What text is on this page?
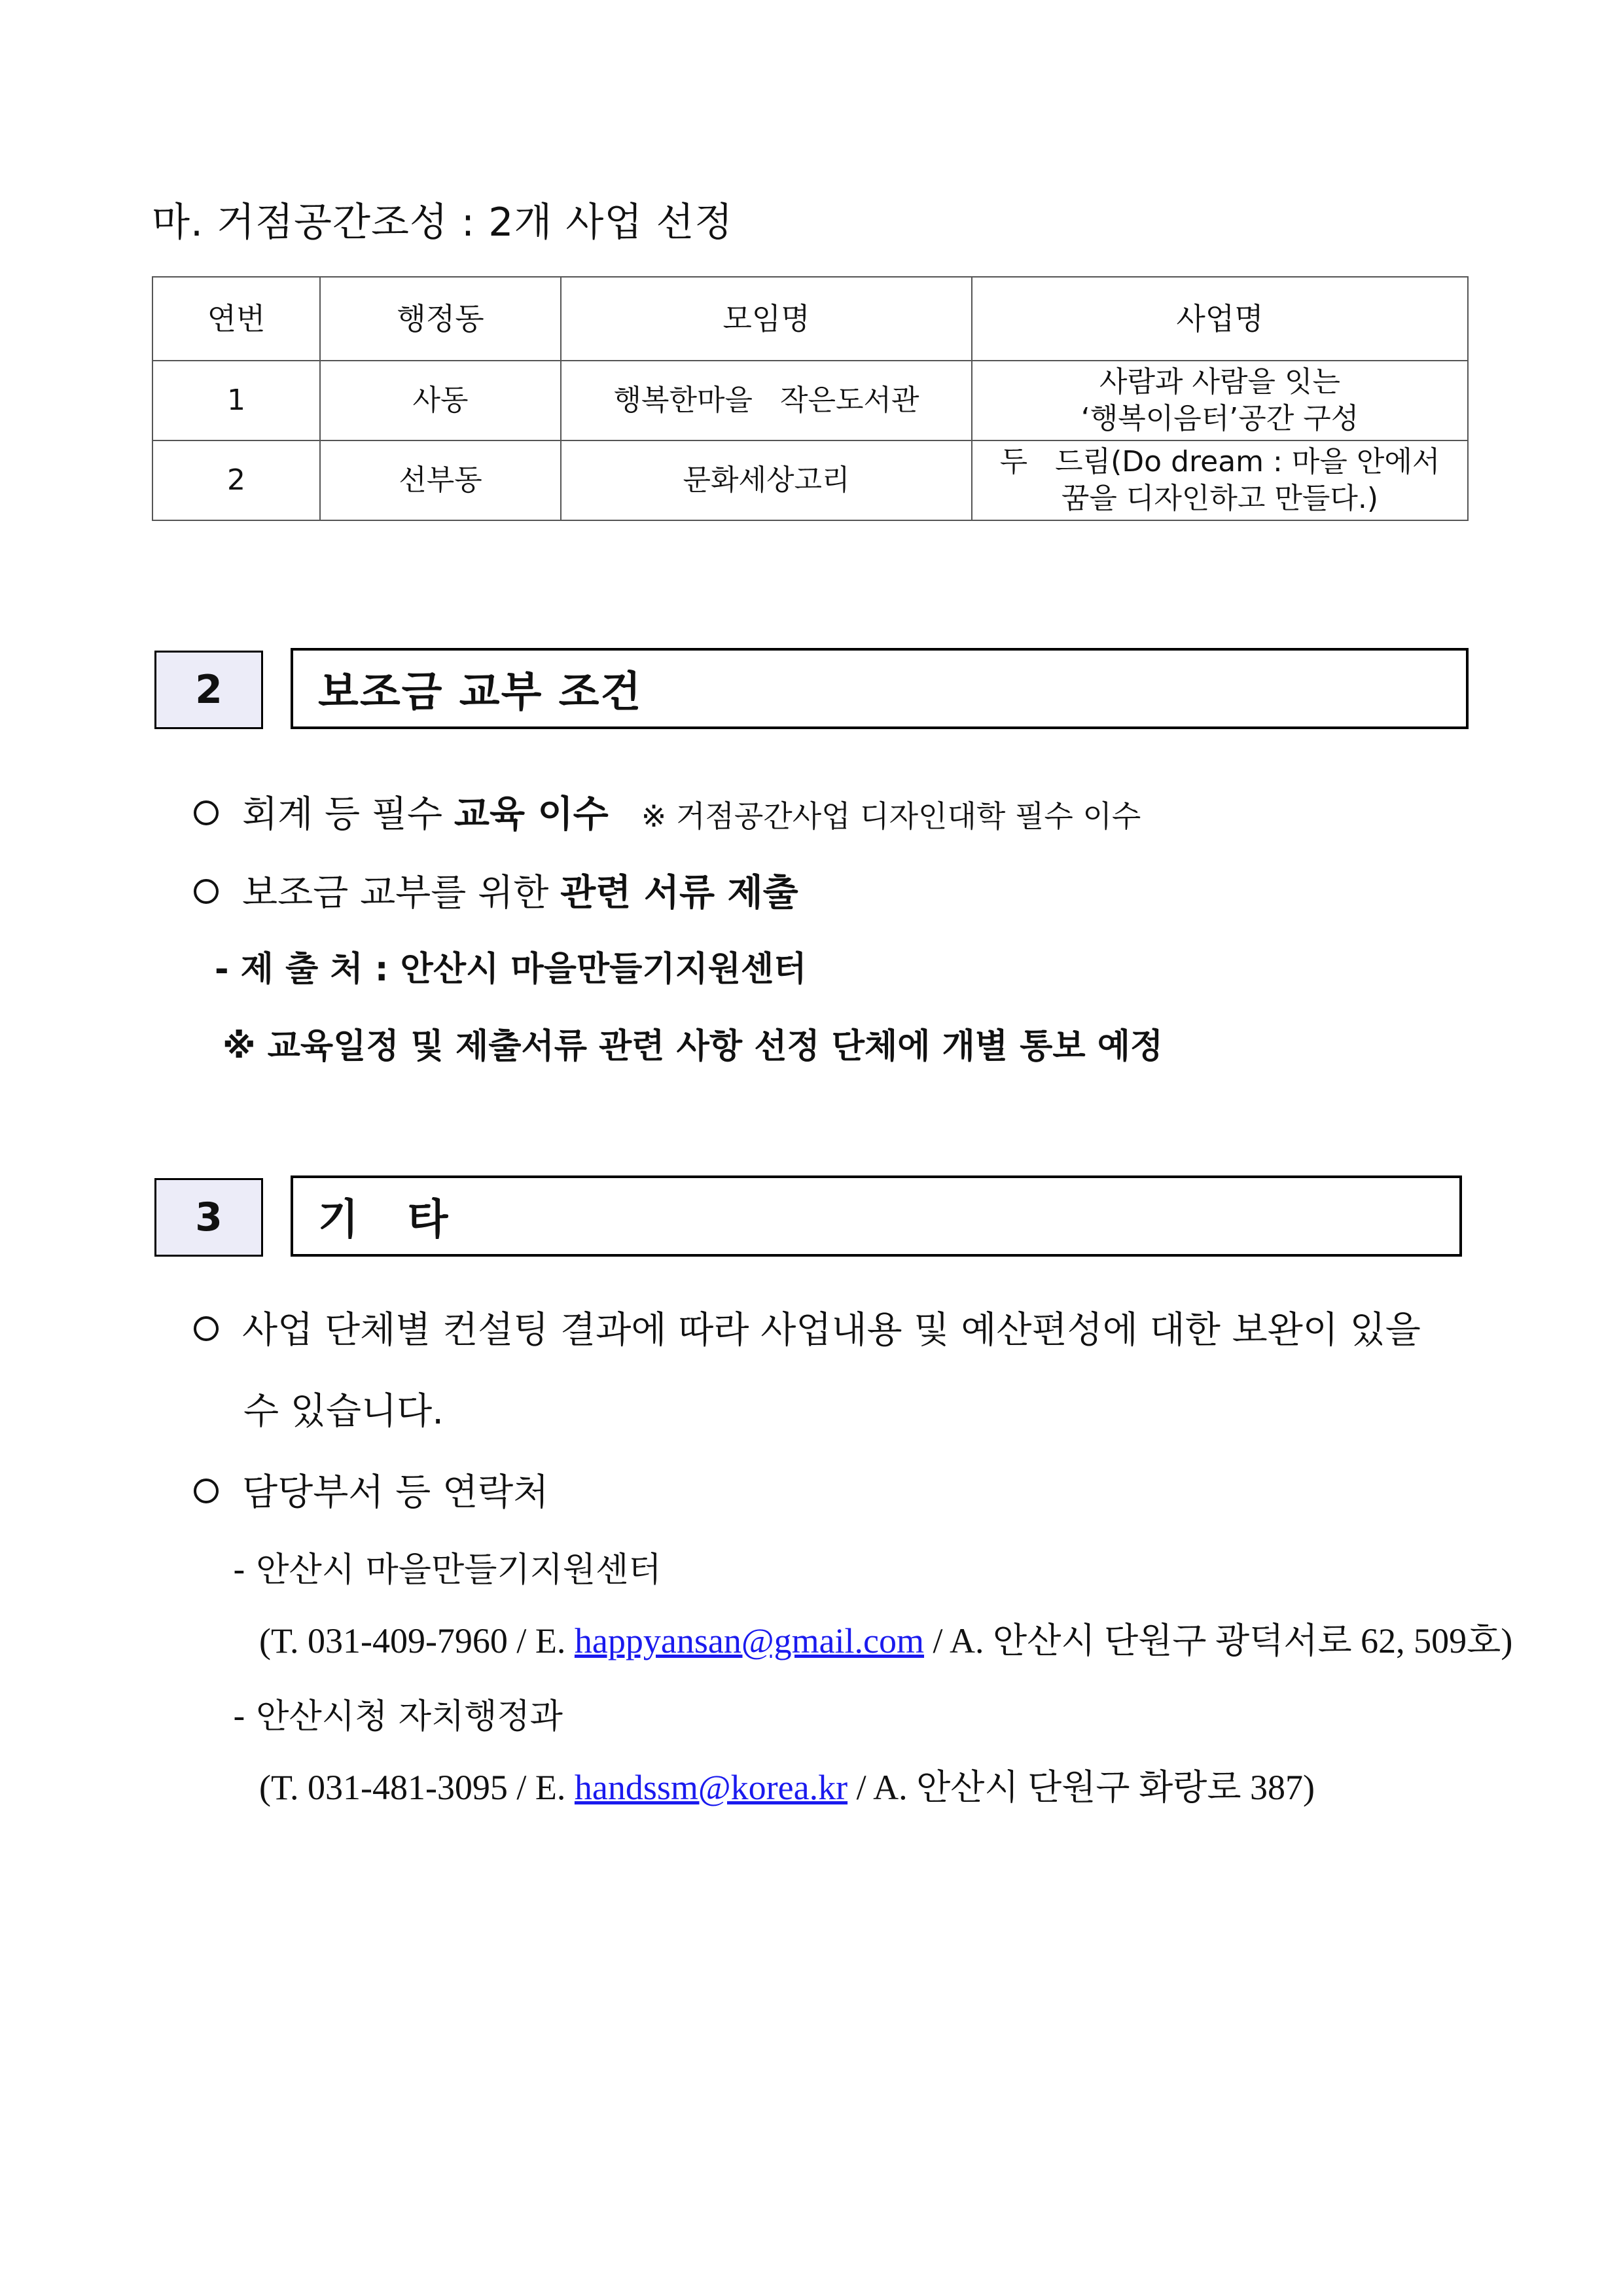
마. 거점공간조성 : 2개 사업 선정
연번	행정동	모임명	사업명
1	사동	행복한마을   작은도서관	사람과 사람을 잇는
‘행복이음터’공간 구성
2	선부동	문화세상고리	두   드림(Do dream : 마을 안에서
꿈을 디자인하고 만들다.)
2	보조금 교부 조건
회계 등 필수 교육 이수 ※ 거점공간사업 디자인대학 필수 이수
보조금 교부를 위한 관련 서류 제출
- 제 출 처 : 안산시 마을만들기지원센터
※ 교육일정 및 제출서류 관련 사항 선정 단체에 개별 통보 예정
3	기   타
사업 단체별 컨설팅 결과에 따라 사업내용 및 예산편성에 대한 보완이 있을
수 있습니다.
담당부서 등 연락처
- 안산시 마을만들기지원센터
(T. 031-409-7960 / E. happyansan@gmail.com / A. 안산시 단원구 광덕서로 62, 509호)
- 안산시청 자치행정과
(T. 031-481-3095 / E. handssm@korea.kr / A. 안산시 단원구 화랑로 387)
